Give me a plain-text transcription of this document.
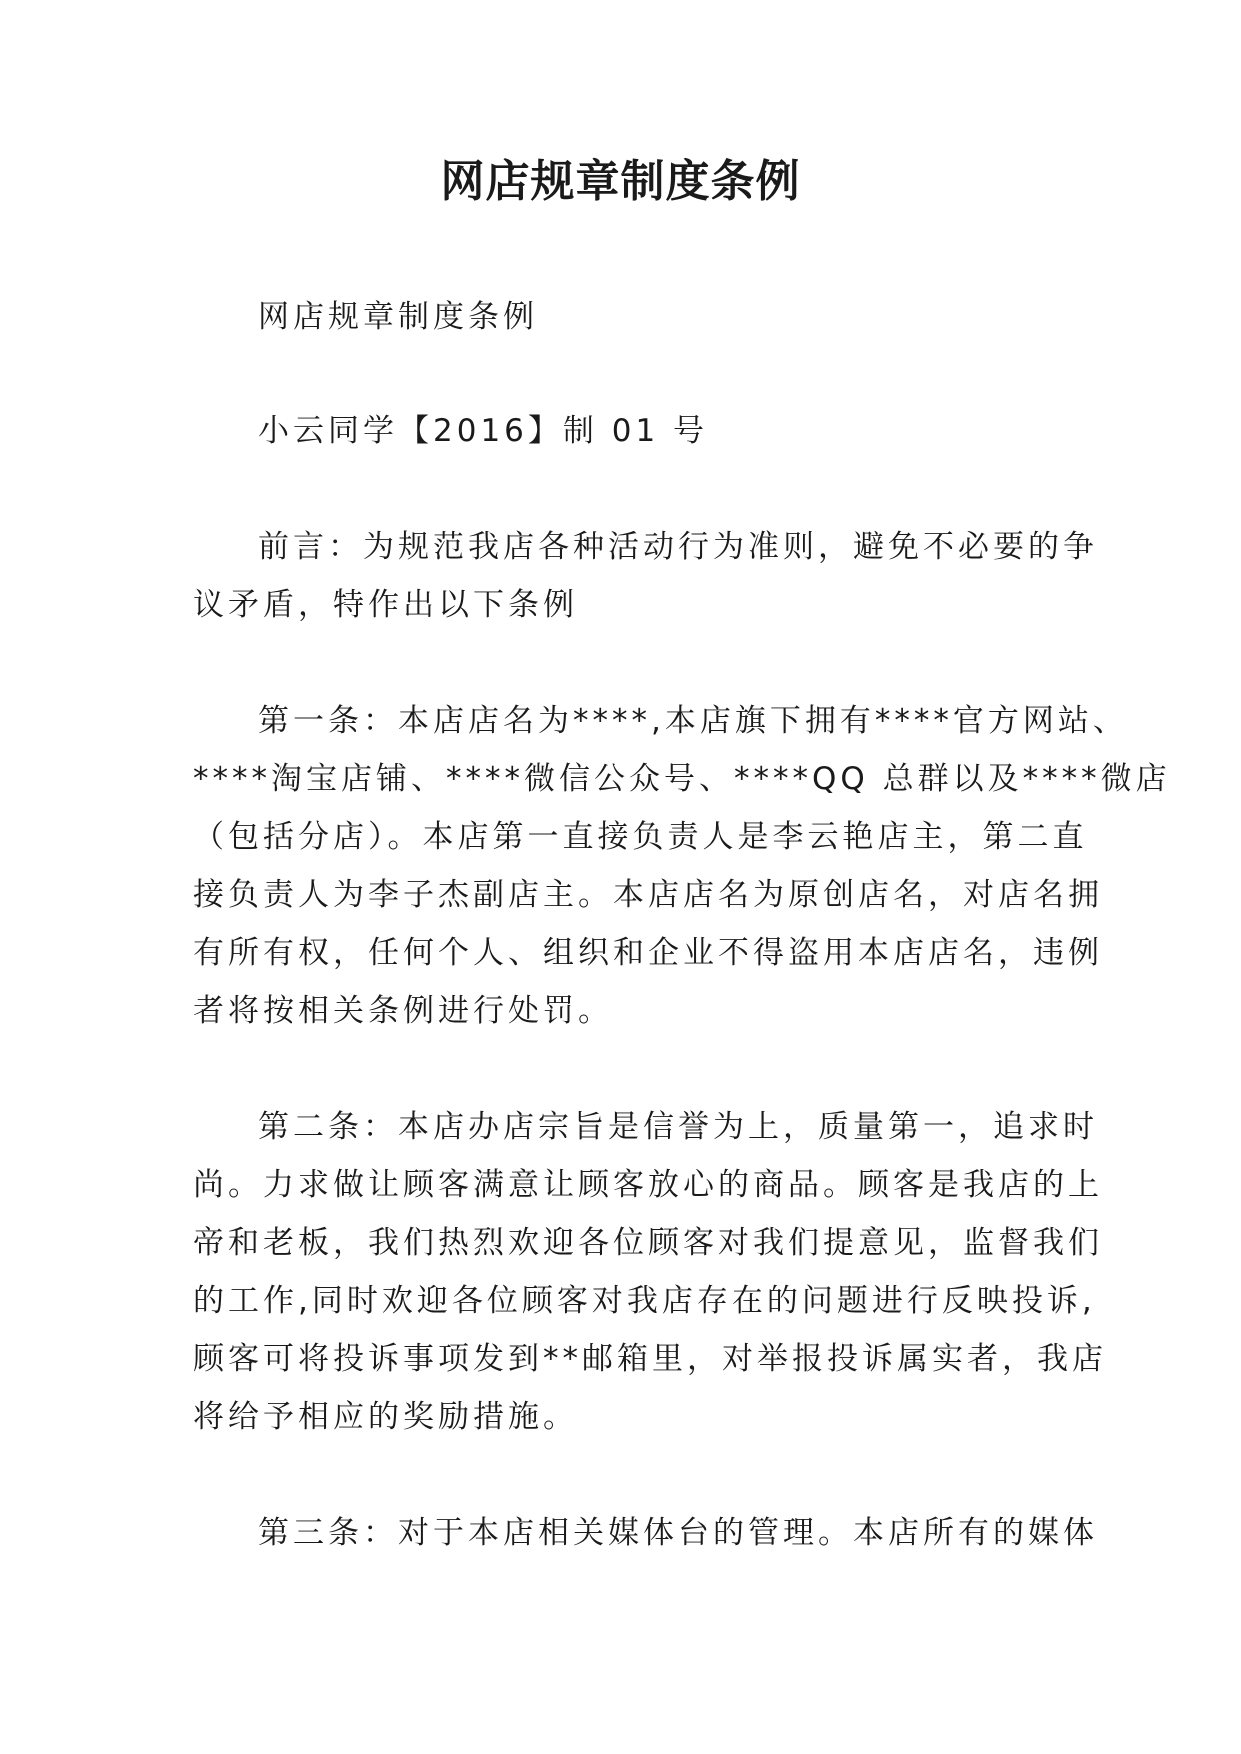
网店规章制度条例
网店规章制度条例
小云同学【2016】制 01 号
前言：为规范我店各种活动行为准则，避免不必要的争
议矛盾，特作出以下条例
第一条：本店店名为****,本店旗下拥有****官方网站、
****淘宝店铺、****微信公众号、****QQ 总群以及****微店
（包括分店）。本店第一直接负责人是李云艳店主，第二直
接负责人为李子杰副店主。本店店名为原创店名，对店名拥
有所有权，任何个人、组织和企业不得盗用本店店名，违例
者将按相关条例进行处罚。
第二条：本店办店宗旨是信誉为上，质量第一，追求时
尚。力求做让顾客满意让顾客放心的商品。顾客是我店的上
帝和老板，我们热烈欢迎各位顾客对我们提意见，监督我们
的工作,同时欢迎各位顾客对我店存在的问题进行反映投诉,
顾客可将投诉事项发到**邮箱里，对举报投诉属实者，我店
将给予相应的奖励措施。
第三条：对于本店相关媒体台的管理。本店所有的媒体
